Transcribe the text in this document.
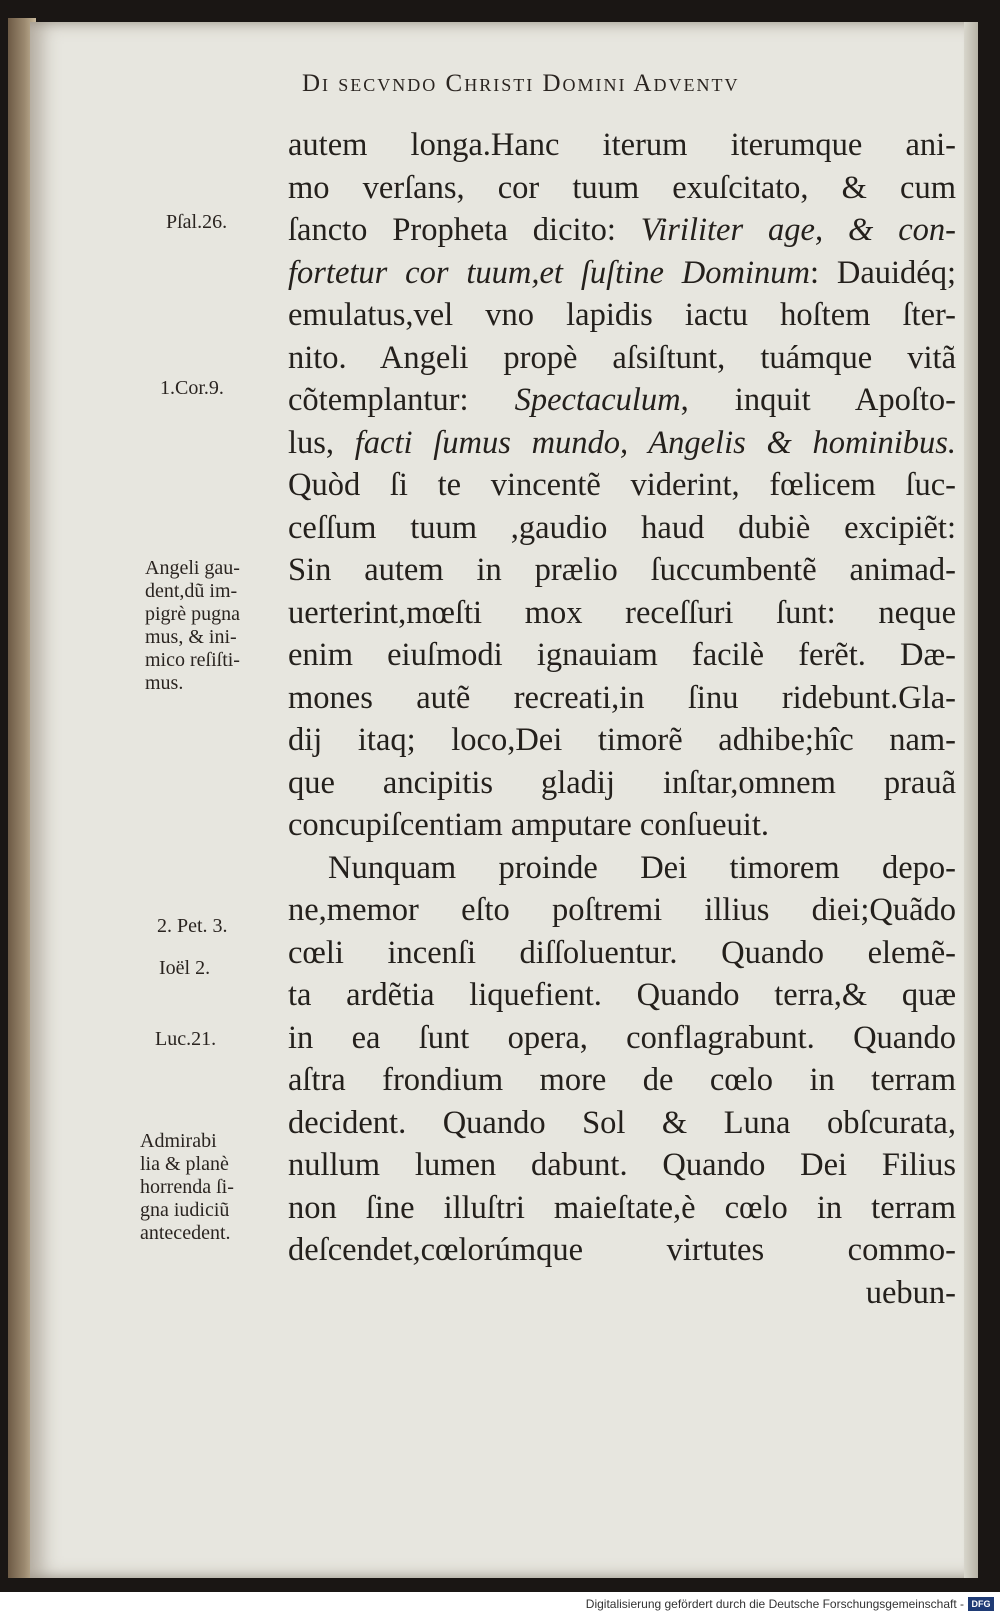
Di secvndo Christi Domini Adventv
autem longa.Hanc iterum iterumque ani-
mo verſans, cor tuum exuſcitato, & cum
ſancto Propheta dicito: Viriliter age, & con-
fortetur cor tuum,et ſuſtine Dominum: Dauidéq;
emulatus,vel vno lapidis iactu hoſtem ſter-
nito. Angeli propè aſsiſtunt, tuámque vitã
cõtemplantur: Spectaculum, inquit Apoſto-
lus, facti ſumus mundo, Angelis & hominibus.
Quòd ſi te vincentẽ viderint, fœlicem ſuc-
ceſſum tuum ,gaudio haud dubiè excipiẽt:
Sin autem in prælio ſuccumbentẽ animad-
uerterint,mœſti mox receſſuri ſunt: neque
enim eiuſmodi ignauiam facilè ferẽt. Dæ-
mones autẽ recreati,in ſinu ridebunt.Gla-
dij itaq; loco,Dei timorẽ adhibe;hîc nam-
que ancipitis gladij inſtar,omnem prauã
concupiſcentiam amputare conſueuit.
Nunquam proinde Dei timorem depo-
ne,memor eſto poſtremi illius diei;Quãdo
cœli incenſi diſſoluentur. Quando elemẽ-
ta ardẽtia liquefient. Quando terra,& quæ
in ea ſunt opera, conflagrabunt. Quando
aſtra frondium more de cœlo in terram
decident. Quando Sol & Luna obſcurata,
nullum lumen dabunt. Quando Dei Filius
non ſine illuſtri maieſtate,è cœlo in terram
deſcendet,cœlorúmque virtutes commo-
uebun-
Pſal.26.
1.Cor.9.
Angeli gau-
dent,dũ im-
pigrè pugna
mus, & ini-
mico reſiſti-
mus.
2. Pet. 3.
Ioël 2.
Luc.21.
Admirabi
lia & planè
horrenda ſi-
gna iudiciũ
antecedent.
Digitalisierung gefördert durch die Deutsche Forschungsgemeinschaft - DFG
